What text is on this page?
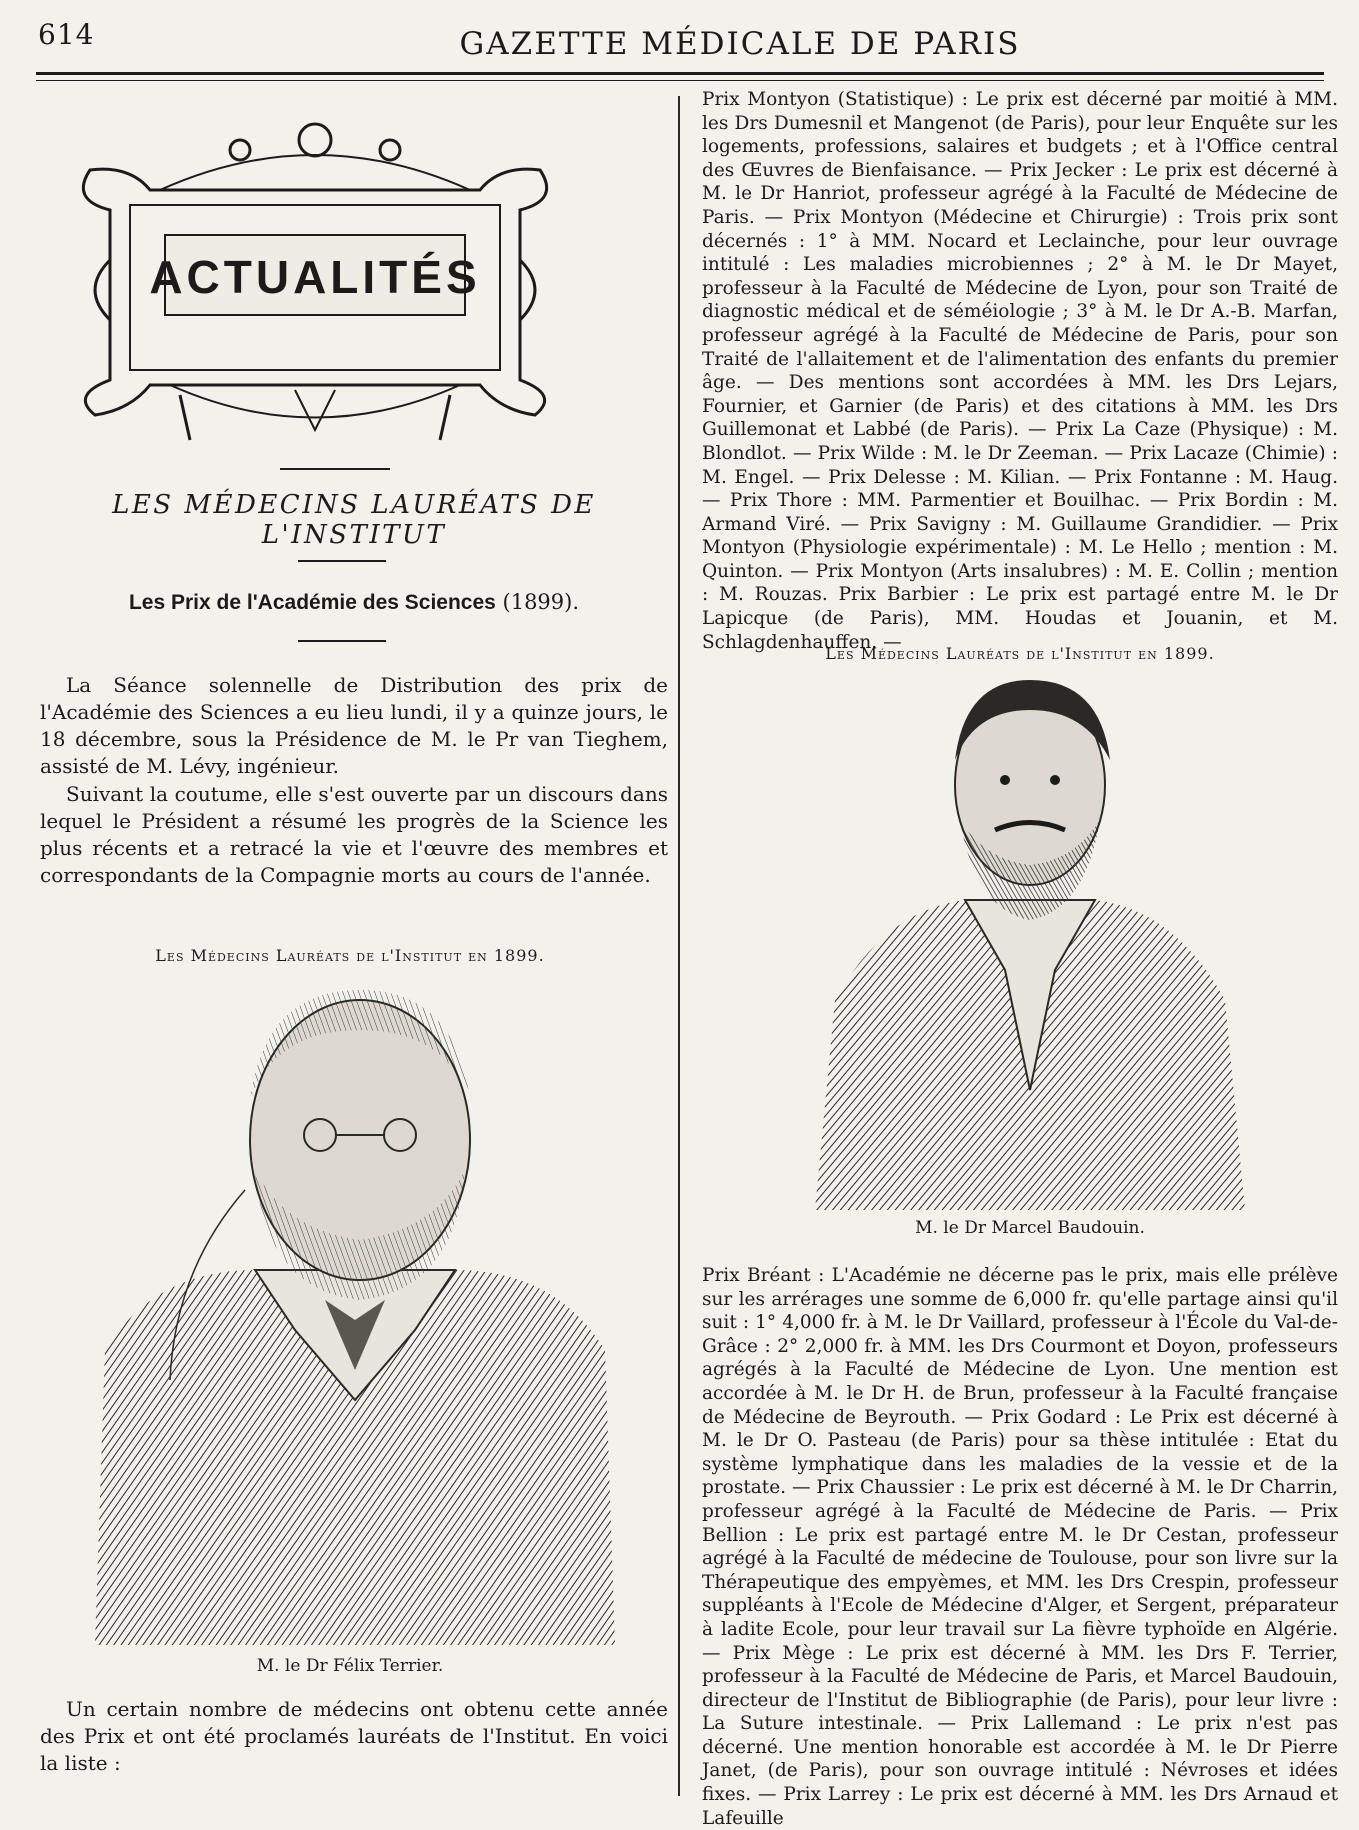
614	GAZETTE MÉDICALE DE PARIS
ACTUALITÉS
LES MÉDECINS LAURÉATS DE L'INSTITUT
Les Prix de l'Académie des Sciences (1899).
La Séance solennelle de Distribution des prix de l'Académie des Sciences a eu lieu lundi, il y a quinze jours, le 18 décembre, sous la Présidence de M. le Pr van Tieghem, assisté de M. Lévy, ingénieur.
Suivant la coutume, elle s'est ouverte par un discours dans lequel le Président a résumé les progrès de la Science les plus récents et a retracé la vie et l'œuvre des membres et correspondants de la Compagnie morts au cours de l'année.
Les Médecins Lauréats de l'Institut en 1899.
M. le Dr Félix Terrier.
Un certain nombre de médecins ont obtenu cette année des Prix et ont été proclamés lauréats de l'Institut. En voici la liste :
Prix Montyon (Statistique) : Le prix est décerné par moitié à MM. les Drs Dumesnil et Mangenot (de Paris), pour leur Enquête sur les logements, professions, salaires et budgets ; et à l'Office central des Œuvres de Bienfaisance. — Prix Jecker : Le prix est décerné à M. le Dr Hanriot, professeur agrégé à la Faculté de Médecine de Paris. — Prix Montyon (Médecine et Chirurgie) : Trois prix sont décernés : 1° à MM. Nocard et Leclainche, pour leur ouvrage intitulé : Les maladies microbiennes ; 2° à M. le Dr Mayet, professeur à la Faculté de Médecine de Lyon, pour son Traité de diagnostic médical et de séméiologie ; 3° à M. le Dr A.-B. Marfan, professeur agrégé à la Faculté de Médecine de Paris, pour son Traité de l'allaitement et de l'alimentation des enfants du premier âge. — Des mentions sont accordées à MM. les Drs Lejars, Fournier, et Garnier (de Paris) et des citations à MM. les Drs Guillemonat et Labbé (de Paris). — Prix La Caze (Physique) : M. Blondlot. — Prix Wilde : M. le Dr Zeeman. — Prix Lacaze (Chimie) : M. Engel. — Prix Delesse : M. Kilian. — Prix Fontanne : M. Haug. — Prix Thore : MM. Parmentier et Bouilhac. — Prix Bordin : M. Armand Viré. — Prix Savigny : M. Guillaume Grandidier. — Prix Montyon (Physiologie expérimentale) : M. Le Hello ; mention : M. Quinton. — Prix Montyon (Arts insalubres) : M. E. Collin ; mention : M. Rouzas. Prix Barbier : Le prix est partagé entre M. le Dr Lapicque (de Paris), MM. Houdas et Jouanin, et M. Schlagdenhauffen. —
Les Médecins Lauréats de l'Institut en 1899.
M. le Dr Marcel Baudouin.
Prix Bréant : L'Académie ne décerne pas le prix, mais elle prélève sur les arrérages une somme de 6,000 fr. qu'elle partage ainsi qu'il suit : 1° 4,000 fr. à M. le Dr Vaillard, professeur à l'École du Val-de-Grâce : 2° 2,000 fr. à MM. les Drs Courmont et Doyon, professeurs agrégés à la Faculté de Médecine de Lyon. Une mention est accordée à M. le Dr H. de Brun, professeur à la Faculté française de Médecine de Beyrouth. — Prix Godard : Le Prix est décerné à M. le Dr O. Pasteau (de Paris) pour sa thèse intitulée : Etat du système lymphatique dans les maladies de la vessie et de la prostate. — Prix Chaussier : Le prix est décerné à M. le Dr Charrin, professeur agrégé à la Faculté de Médecine de Paris. — Prix Bellion : Le prix est partagé entre M. le Dr Cestan, professeur agrégé à la Faculté de médecine de Toulouse, pour son livre sur la Thérapeutique des empyèmes, et MM. les Drs Crespin, professeur suppléants à l'Ecole de Médecine d'Alger, et Sergent, préparateur à ladite Ecole, pour leur travail sur La fièvre typhoïde en Algérie. — Prix Mège : Le prix est décerné à MM. les Drs F. Terrier, professeur à la Faculté de Médecine de Paris, et Marcel Baudouin, directeur de l'Institut de Bibliographie (de Paris), pour leur livre : La Suture intestinale. — Prix Lallemand : Le prix n'est pas décerné. Une mention honorable est accordée à M. le Dr Pierre Janet, (de Paris), pour son ouvrage intitulé : Névroses et idées fixes. — Prix Larrey : Le prix est décerné à MM. les Drs Arnaud et Lafeuille
